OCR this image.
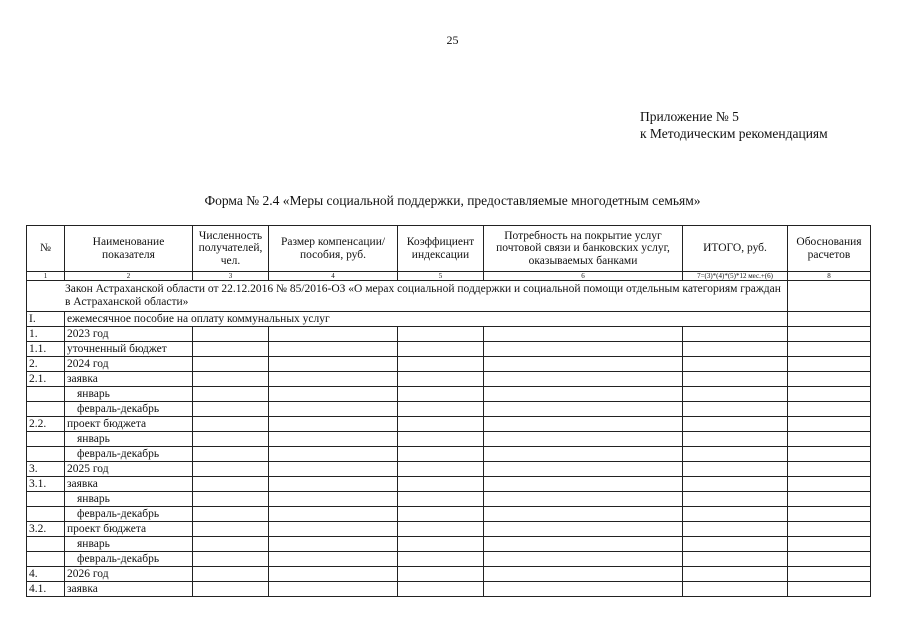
25
Приложение № 5
к Методическим рекомендациям
Форма № 2.4 «Меры социальной поддержки, предоставляемые многодетным семьям»
№	Наименование показателя	Численность получателей, чел.	Размер компенсации/пособия, руб.	Коэффициент индексации	Потребность на покрытие услуг почтовой связи и банковских услуг, оказываемых банками	ИТОГО, руб.	Обоснования расчетов
1	2	3	4	5	6	7=(3)*(4)*(5)*12 мес.+(6)	8
Закон Астраханской области от 22.12.2016 № 85/2016-ОЗ «О мерах социальной поддержки и социальной помощи отдельным категориям граждан в Астраханской области»							
I.	ежемесячное пособие на оплату коммунальных услуг						
1.	2023 год						
1.1.	уточненный бюджет						
2.	2024 год						
2.1.	заявка						
	январь						
	февраль-декабрь						
2.2.	проект бюджета						
	январь						
	февраль-декабрь						
3.	2025 год						
3.1.	заявка						
	январь						
	февраль-декабрь						
3.2.	проект бюджета						
	январь						
	февраль-декабрь						
4.	2026 год						
4.1.	заявка						
